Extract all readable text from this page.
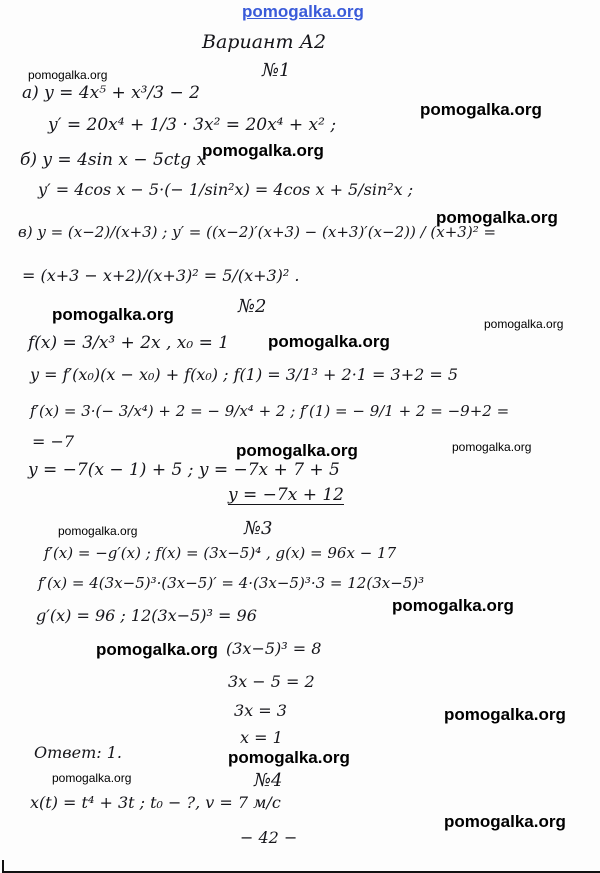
pomogalka.org
pomogalka.org
pomogalka.org
pomogalka.org
pomogalka.org
pomogalka.org	pomogalka.org
pomogalka.org
pomogalka.org	pomogalka.org
pomogalka.org
pomogalka.org
pomogalka.org
pomogalka.org
pomogalka.org
pomogalka.org
pomogalka.org
Вариант А2
№1
а) y = 4x⁵ + x³/3 − 2
y′ = 20x⁴ + 1/3 · 3x² = 20x⁴ + x² ;
б) y = 4sin x − 5ctg x
y′ = 4cos x − 5·(− 1/sin²x) = 4cos x + 5/sin²x ;
в) y = (x−2)/(x+3) ; y′ = ((x−2)′(x+3) − (x+3)′(x−2)) / (x+3)² =
= (x+3 − x+2)/(x+3)² = 5/(x+3)² .
№2
f(x) = 3/x³ + 2x , x₀ = 1
y = f′(x₀)(x − x₀) + f(x₀) ; f(1) = 3/1³ + 2·1 = 3+2 = 5
f′(x) = 3·(− 3/x⁴) + 2 = − 9/x⁴ + 2 ; f′(1) = − 9/1 + 2 = −9+2 =
= −7
y = −7(x − 1) + 5 ; y = −7x + 7 + 5
y = −7x + 12
№3
f′(x) = −g′(x) ; f(x) = (3x−5)⁴ , g(x) = 96x − 17
f′(x) = 4(3x−5)³·(3x−5)′ = 4·(3x−5)³·3 = 12(3x−5)³
g′(x) = 96 ; 12(3x−5)³ = 96
(3x−5)³ = 8
3x − 5 = 2
3x = 3
x = 1
Ответ: 1.
№4
x(t) = t⁴ + 3t ; t₀ − ?, v = 7 м/с
− 42 −
